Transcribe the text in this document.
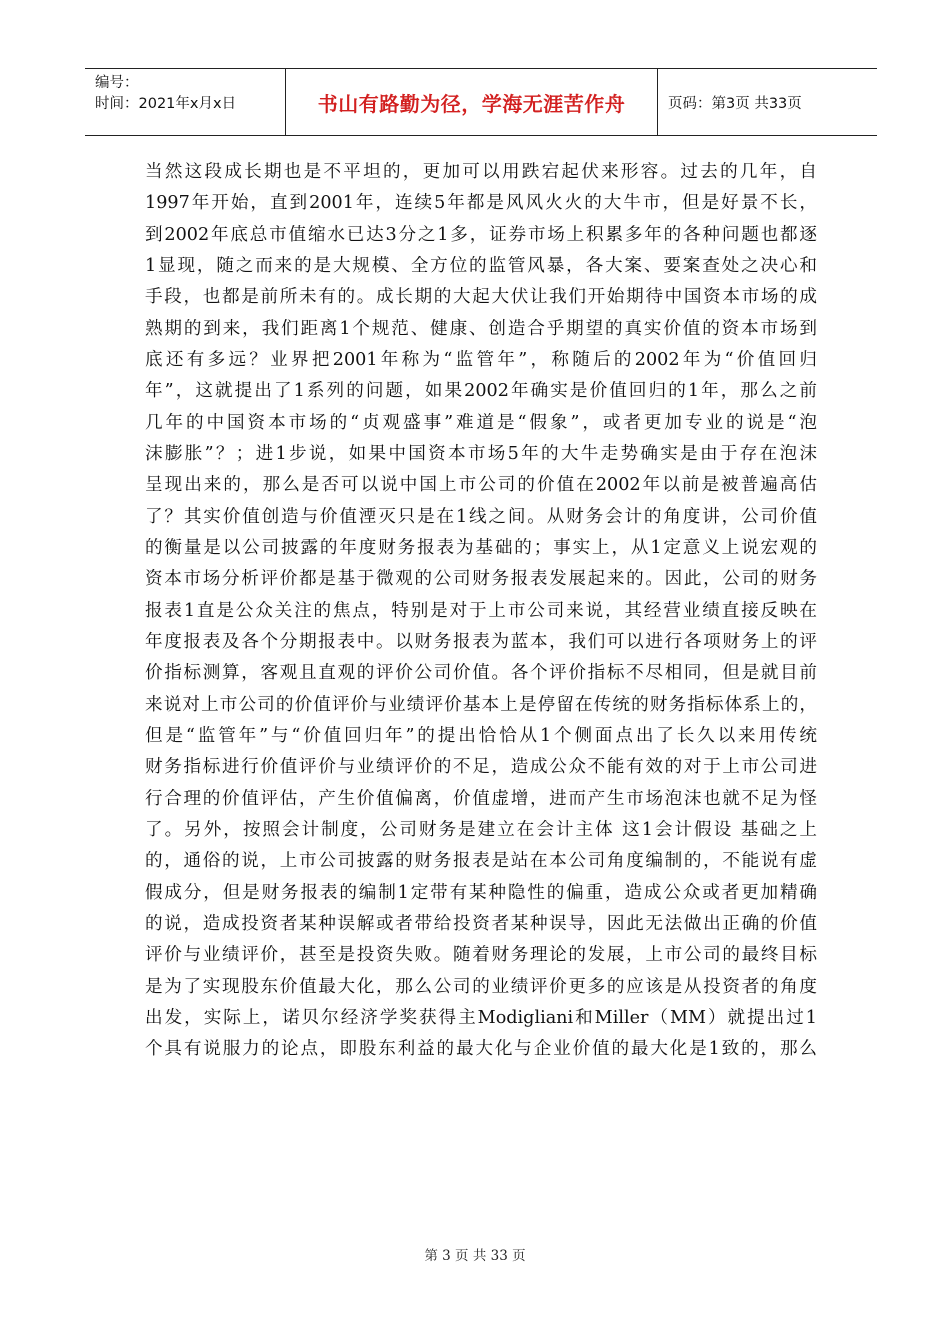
编号：
时间：2021年x月x日	书山有路勤为径，学海无涯苦作舟	页码：第3页 共33页
当然这段成长期也是不平坦的，更加可以用跌宕起伏来形容。过去的几年，自
1997年开始，直到2001年，连续5年都是风风火火的大牛市，但是好景不长，
到2002年底总市值缩水已达3分之1多，证券市场上积累多年的各种问题也都逐
1显现，随之而来的是大规模、全方位的监管风暴，各大案、要案查处之决心和
手段，也都是前所未有的。成长期的大起大伏让我们开始期待中国资本市场的成
熟期的到来，我们距离1个规范、健康、创造合乎期望的真实价值的资本市场到
底还有多远？业界把2001年称为“监管年”，称随后的2002年为“价值回归
年”，这就提出了1系列的问题，如果2002年确实是价值回归的1年，那么之前
几年的中国资本市场的“贞观盛事”难道是“假象”，或者更加专业的说是“泡
沫膨胀”？；进1步说，如果中国资本市场5年的大牛走势确实是由于存在泡沫
呈现出来的，那么是否可以说中国上市公司的价值在2002年以前是被普遍高估
了？其实价值创造与价值湮灭只是在1线之间。从财务会计的角度讲，公司价值
的衡量是以公司披露的年度财务报表为基础的；事实上，从1定意义上说宏观的
资本市场分析评价都是基于微观的公司财务报表发展起来的。因此，公司的财务
报表1直是公众关注的焦点，特别是对于上市公司来说，其经营业绩直接反映在
年度报表及各个分期报表中。以财务报表为蓝本，我们可以进行各项财务上的评
价指标测算，客观且直观的评价公司价值。各个评价指标不尽相同，但是就目前
来说对上市公司的价值评价与业绩评价基本上是停留在传统的财务指标体系上的，
但是“监管年”与“价值回归年”的提出恰恰从1个侧面点出了长久以来用传统
财务指标进行价值评价与业绩评价的不足，造成公众不能有效的对于上市公司进
行合理的价值评估，产生价值偏离，价值虚增，进而产生市场泡沫也就不足为怪
了。另外，按照会计制度，公司财务是建立在会计主体 这1会计假设 基础之上
的，通俗的说，上市公司披露的财务报表是站在本公司角度编制的，不能说有虚
假成分，但是财务报表的编制1定带有某种隐性的偏重，造成公众或者更加精确
的说，造成投资者某种误解或者带给投资者某种误导，因此无法做出正确的价值
评价与业绩评价，甚至是投资失败。随着财务理论的发展，上市公司的最终目标
是为了实现股东价值最大化，那么公司的业绩评价更多的应该是从投资者的角度
出发，实际上，诺贝尔经济学奖获得主Modigliani和Miller（MM）就提出过1
个具有说服力的论点，即股东利益的最大化与企业价值的最大化是1致的，那么
第 3 页 共 33 页
